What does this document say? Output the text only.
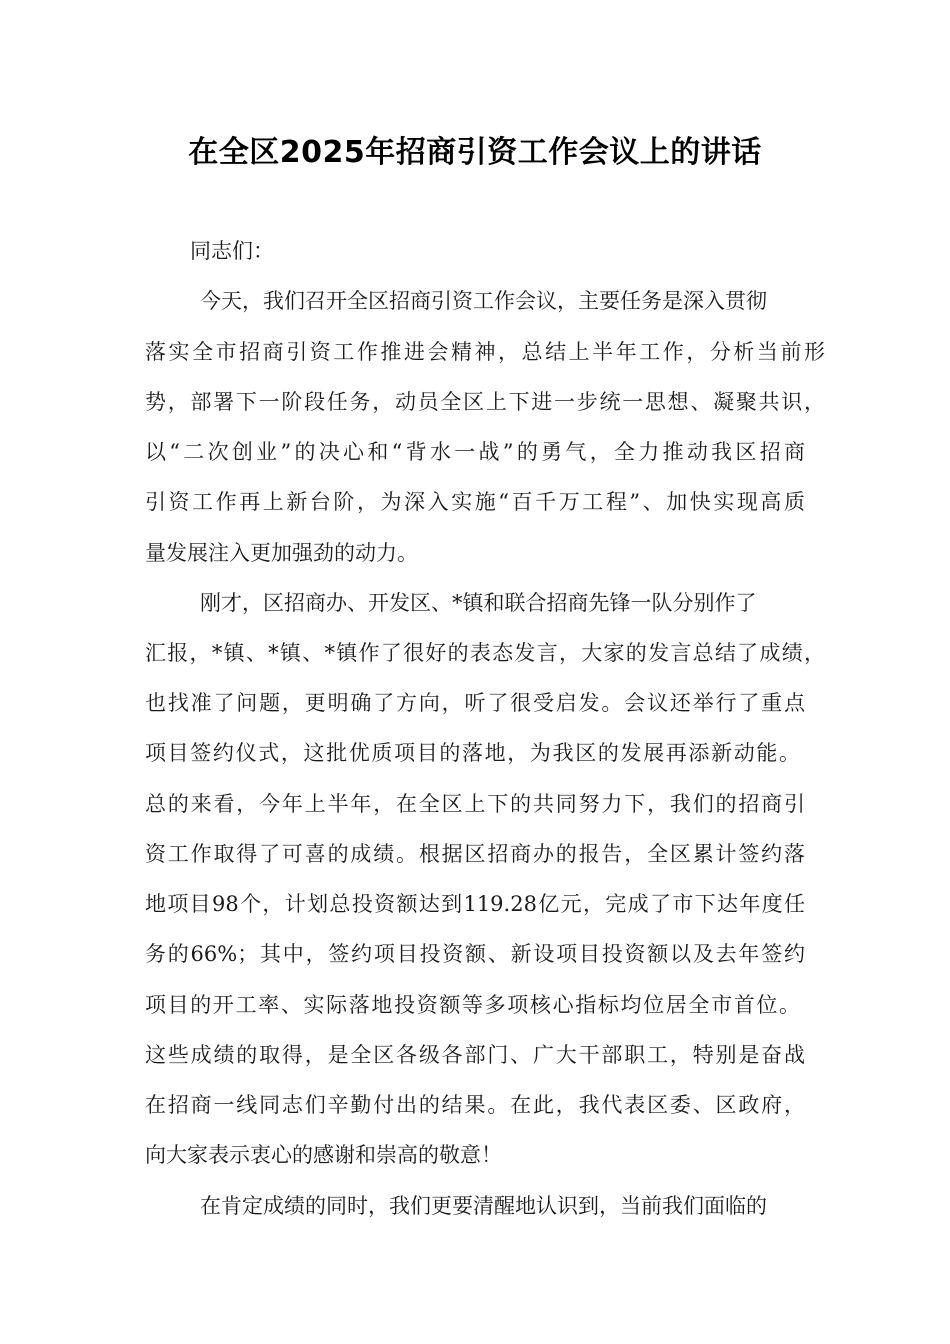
在全区2025年招商引资工作会议上的讲话
同志们：
今天，我们召开全区招商引资工作会议，主要任务是深入贯彻
落实全市招商引资工作推进会精神，总结上半年工作，分析当前形
势，部署下一阶段任务，动员全区上下进一步统一思想、凝聚共识，
以“二次创业”的决心和“背水一战”的勇气，全力推动我区招商
引资工作再上新台阶，为深入实施“百千万工程”、加快实现高质
量发展注入更加强劲的动力。
刚才，区招商办、开发区、*镇和联合招商先锋一队分别作了
汇报，*镇、*镇、*镇作了很好的表态发言，大家的发言总结了成绩，
也找准了问题，更明确了方向，听了很受启发。会议还举行了重点
项目签约仪式，这批优质项目的落地，为我区的发展再添新动能。
总的来看，今年上半年，在全区上下的共同努力下，我们的招商引
资工作取得了可喜的成绩。根据区招商办的报告，全区累计签约落
地项目98个，计划总投资额达到119.28亿元，完成了市下达年度任
务的66%；其中，签约项目投资额、新设项目投资额以及去年签约
项目的开工率、实际落地投资额等多项核心指标均位居全市首位。
这些成绩的取得，是全区各级各部门、广大干部职工，特别是奋战
在招商一线同志们辛勤付出的结果。在此，我代表区委、区政府，
向大家表示衷心的感谢和崇高的敬意！
在肯定成绩的同时，我们更要清醒地认识到，当前我们面临的
